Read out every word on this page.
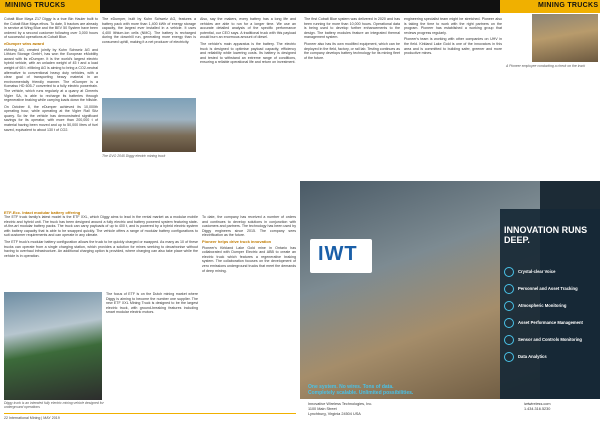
MINING TRUCKS

Cobalt Blue Maya Z17 Diggy is a true Bin Hauler built to the Cobalt Blue Maya ethos. To date, 5 tractors are already in service at Wing Blue and the BEV 50 System have been ordered by a second customer following over 3,000 hours of successful operations at Cobalt Blue.

eDumper wins award

eMining AG, created jointly by Kuhn Schweiz AG and Lithium Storage GmbH, has won the European eMobility award with its eDumper. It is the world's largest electric hybrid vehicle, with an unladen weight of 45 t and a load weight of 65 t. eMining AG is aiming to bring a CO2-neutral alternative to conventional heavy duty vehicles, with a clear goal of transporting heavy material in an environmentally friendly manner. The eDumper is a Komatsu HD 605-7 converted to a fully electric powertrain. The vehicle, which runs regularly at a quarry at Ciments Vigier SA, is able to recharge its batteries through regenerative braking while carrying loads down the hillside.

On October 8, the eDumper achieved its 10,000th operating hour, while operating at the Vigier Rail Sitz quarry. So far the vehicle has demonstrated significant savings for its operator, with more than 200,000 t of material having been moved and up to 50,000 litres of fuel saved, equivalent to about 130 t of CO2.

The eDumper, built by Kuhn Schweiz AG, features a battery pack with more than 1,400 kWh of energy storage capacity, the largest ever installed in a vehicle. It uses 4,400 lithium-ion cells (NMC). The battery is recharged during the downhill run, generating more energy than is consumed uphill, making it a net producer of electricity.

Also, say the makers, every battery has a long life and vehicles are able to run for a longer time. We use an accurate detailed analysis of the specific performance potential, our CEO says. A traditional truck with this payload would burn an enormous amount of diesel.

The vehicle's main apparatus is the battery. The electric truck is designed to optimise payload capacity, efficiency and reliability while lowering costs. Its battery is designed and tested to withstand an extreme range of conditions, ensuring a reliable operational life and return on investment.

The GVO 2045 Diggy electric mining truck
ETF-Ecc. Intact modular battery offering

The ETF truck family's latest model is the ETF XXL, which Diggy aims to lead in the rental market as a modular mobile electric and hybrid unit. The truck has been designed around a fully electric and battery powered system featuring state-of-the-art modular battery packs. The truck can carry payloads of up to 400 t, and is powered by a hybrid electric system with battery capacity that is able to be swapped quickly. The vehicle offers a range of modular battery configurations to suit customer requirements and can operate in any climate.

The ETF truck's modular battery configuration allows the truck to be quickly charged or swapped. As many as 10 of these trucks can operate from a single charging station, which provides a solution for mines seeking to decarbonise without having to overhaul infrastructure. An additional charging option is provided, where charging can also take place while the vehicle is in operation.

Diggy truck is an intended fully electric mining vehicle designed for underground operations

The focus of ETF is on the Dutch mining market where Diggy is aiming to become the number one supplier. The new ETF XXL Mining Truck is designed to be the largest electric truck, with ground-breaking features including smart modular electric motors.

To date, the company has received a number of orders and continues to develop solutions in conjunction with customers and partners. The technology has been used by Diggy engineers since 2015. The company sees electrification as the future.

Pioneer helps drive truck innovation

Pioneer's Kirkland Lake Gold mine in Ontario has collaborated with Dumper Electric and ABB to create an electric truck which features a regenerative braking system. The collaboration focuses on the development of zero emissions underground trucks that meet the demands of deep mining.

22 International Mining | MAY 2019
MINING TRUCKS

The first Cobalt Blue system was delivered in 2020 and has been running for more than 10,000 hours. Operational data is being used to develop further enhancements to the design. The battery modules feature an integrated thermal management system.

Pioneer also has its own modified equipment, which can be deployed in the field, factory, or rail lab. Testing continues as the company develops battery technology for its mining fleet of the future.

engineering specialist team might be stretched. Pioneer also is taking the time to work with the right partners on the program. Pioneer has established a working group that reviews progress regularly.

Pioneer's team is working with other companies on UHV in the field. Kirkland Lake Gold is one of the innovators in this area and is committed to building safer, greener and more productive mines.

A Pioneer employee conducting a check on the truck
IWT
INNOVATION RUNS DEEP.
Crystal-clear Voice
Personnel and Asset Tracking
Atmospheric Monitoring
Asset Performance Management
Sensor and Controls Monitoring
Data Analytics
One system. No wires. Tons of data.
Completely scalable. Unlimited possibilities.
Innovative Wireless Technologies, Inc.
1100 Main Street
Lynchburg, Virginia 24504 USA
iwtwireless.com
1.434.316.5230
